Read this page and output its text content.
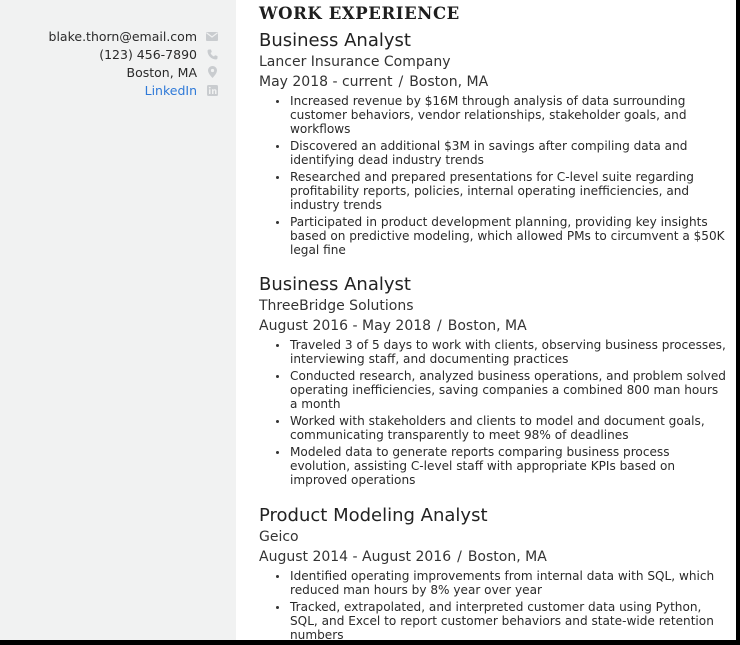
blake.thorn@email.com
(123) 456-7890
Boston, MA
LinkedIn
WORK EXPERIENCE
Business Analyst
Lancer Insurance Company
May 2018 - current / Boston, MA
Increased revenue by $16M through analysis of data surrounding customer behaviors, vendor relationships, stakeholder goals, and workflows
Discovered an additional $3M in savings after compiling data and identifying dead industry trends
Researched and prepared presentations for C-level suite regarding profitability reports, policies, internal operating inefficiencies, and industry trends
Participated in product development planning, providing key insights based on predictive modeling, which allowed PMs to circumvent a $50K legal fine
Business Analyst
ThreeBridge Solutions
August 2016 - May 2018 / Boston, MA
Traveled 3 of 5 days to work with clients, observing business processes, interviewing staff, and documenting practices
Conducted research, analyzed business operations, and problem solved operating inefficiencies, saving companies a combined 800 man hours a month
Worked with stakeholders and clients to model and document goals, communicating transparently to meet 98% of deadlines
Modeled data to generate reports comparing business process evolution, assisting C-level staff with appropriate KPIs based on improved operations
Product Modeling Analyst
Geico
August 2014 - August 2016 / Boston, MA
Identified operating improvements from internal data with SQL, which reduced man hours by 8% year over year
Tracked, extrapolated, and interpreted customer data using Python, SQL, and Excel to report customer behaviors and state-wide retention numbers
